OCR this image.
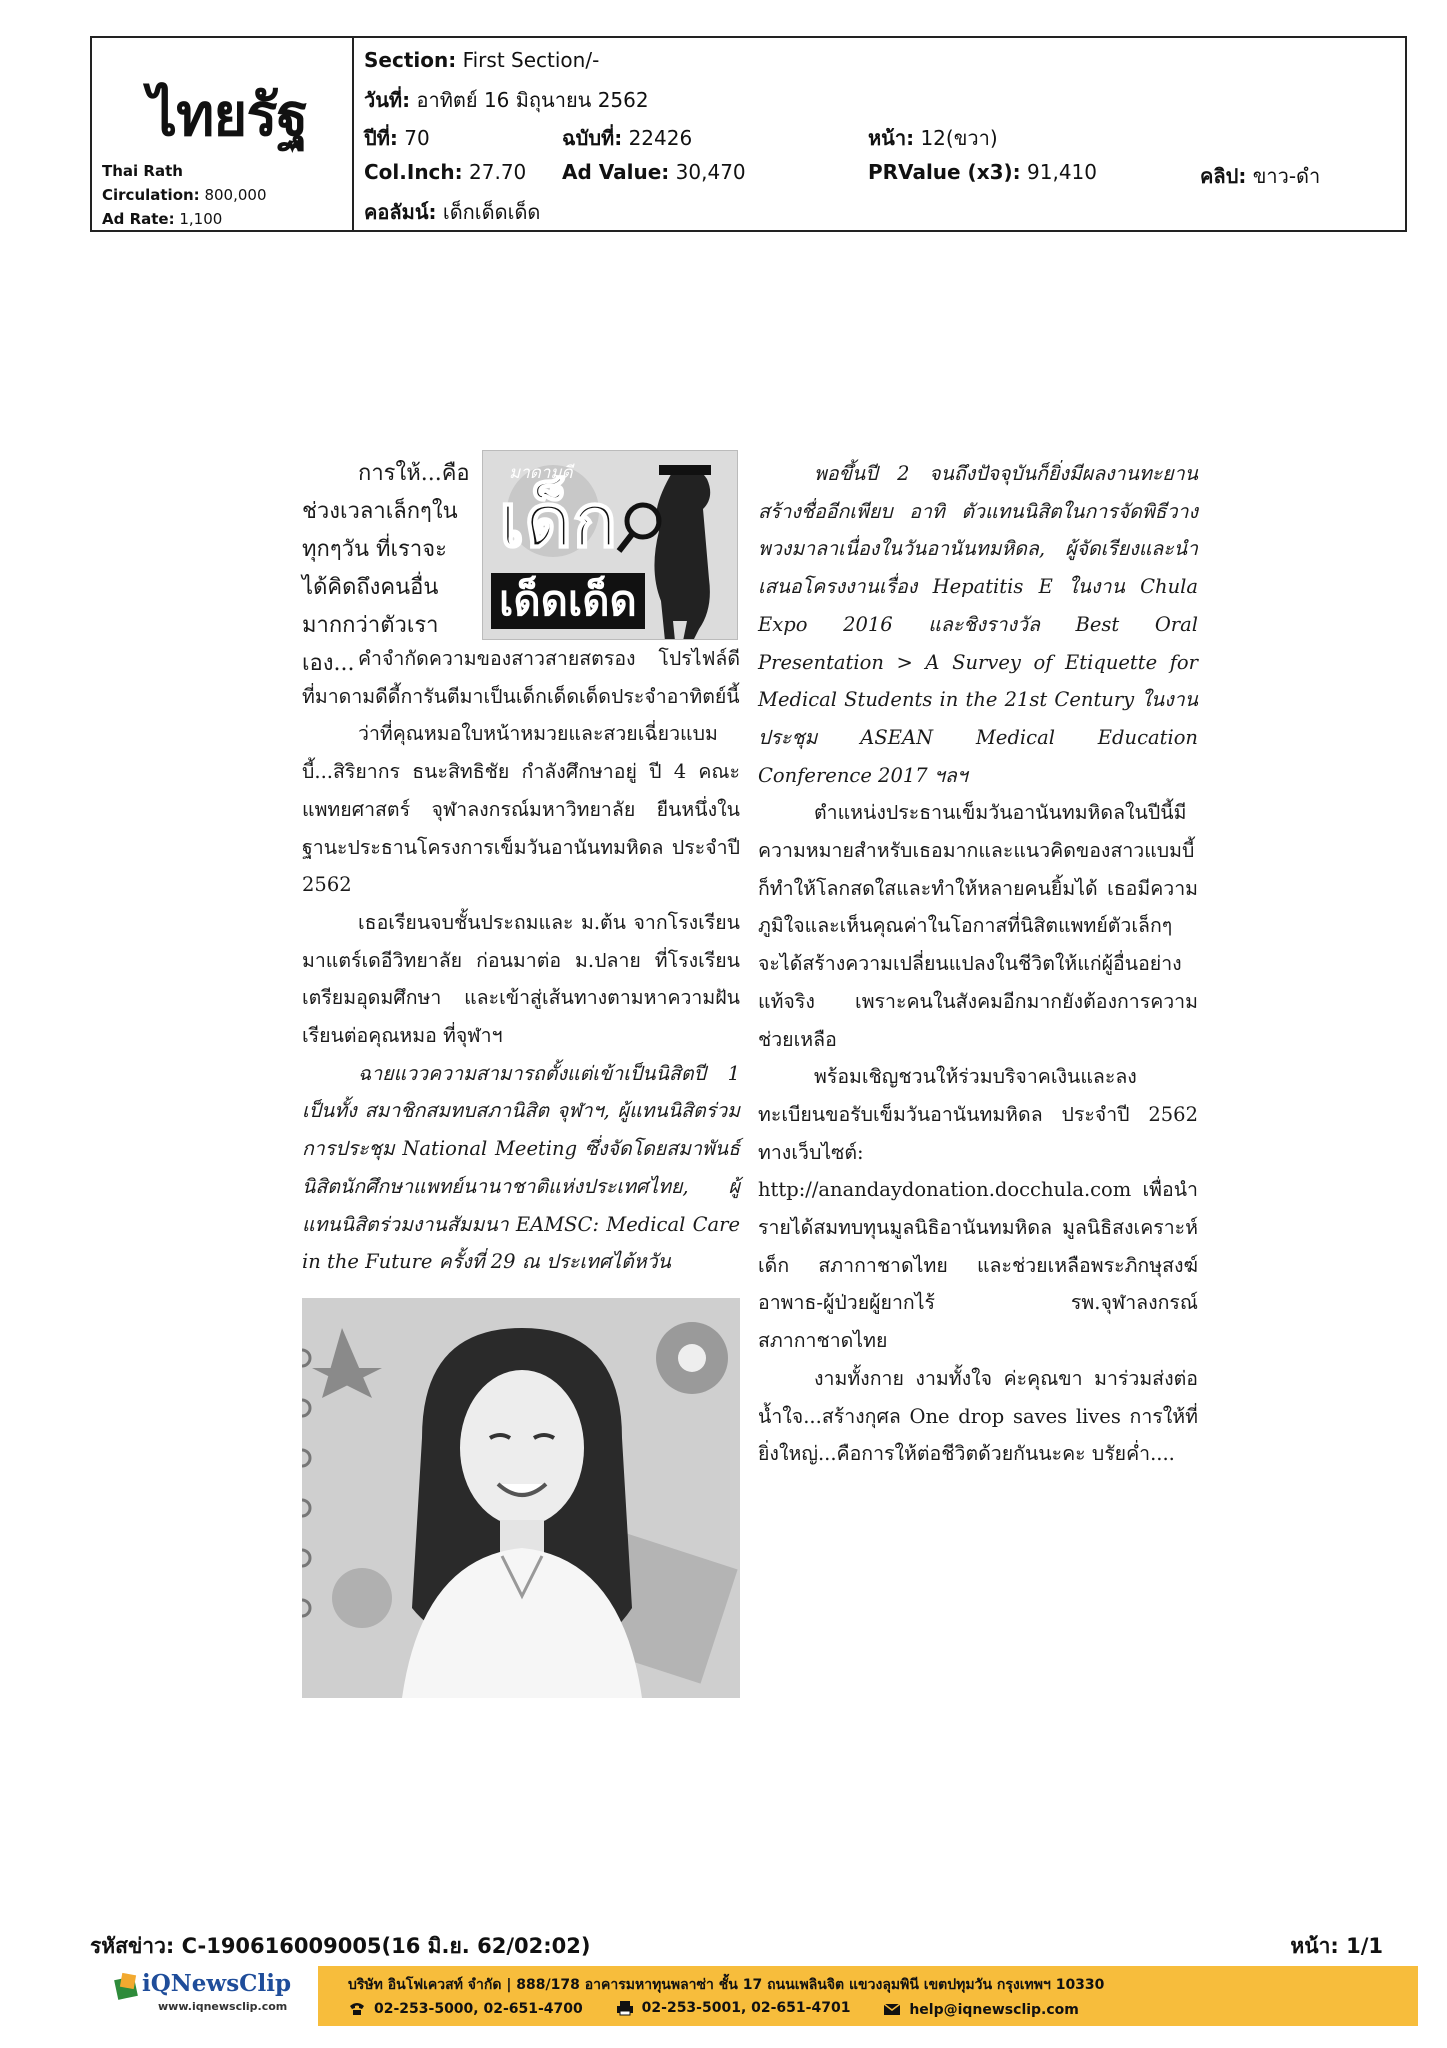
ไทยรัฐ
Thai Rath
Circulation: 800,000
Ad Rate: 1,100
Section: First Section/-
วันที่: อาทิตย์ 16 มิถุนายน 2562
ปีที่: 70	ฉบับที่: 22426	หน้า: 12(ขวา)
Col.Inch: 27.70 Ad Value: 30,470	PRValue (x3): 91,410	คลิป: ขาว-ดำ
คอลัมน์: เด็กเด็ดเด็ด

การให้...คือช่วงเวลาเล็กๆในทุกๆวัน ที่เราจะได้คิดถึงคนอื่นมากกว่าตัวเราเอง...

มาดามดี
เด็ก
เด็ดเด็ด

คำจำกัดความของสาวสายสตรอง โปรไฟล์ดีที่มาดามดีดี้การันตีมาเป็นเด็กเด็ดเด็ดประจำอาทิตย์นี้

ว่าที่คุณหมอใบหน้าหมวยและสวยเฉี่ยวแบมบี้...สิริยากร ธนะสิทธิชัย กำลังศึกษาอยู่ ปี 4 คณะแพทยศาสตร์ จุฬาลงกรณ์มหาวิทยาลัย ยืนหนึ่งในฐานะประธานโครงการเข็มวันอานันทมหิดล ประจำปี 2562

เธอเรียนจบชั้นประถมและ ม.ต้น จากโรงเรียนมาแตร์เดอีวิทยาลัย ก่อนมาต่อ ม.ปลาย ที่โรงเรียนเตรียมอุดมศึกษา และเข้าสู่เส้นทางตามหาความฝันเรียนต่อคุณหมอ ที่จุฬาฯ

ฉายแววความสามารถตั้งแต่เข้าเป็นนิสิตปี 1 เป็นทั้ง สมาชิกสมทบสภานิสิต จุฬาฯ, ผู้แทนนิสิตร่วมการประชุม National Meeting ซึ่งจัดโดยสมาพันธ์นิสิตนักศึกษาแพทย์นานาชาติแห่งประเทศไทย, ผู้แทนนิสิตร่วมงานสัมมนา EAMSC: Medical Care in the Future ครั้งที่ 29 ณ ประเทศไต้หวัน

พอขึ้นปี 2 จนถึงปัจจุบันก็ยิ่งมีผลงานทะยานสร้างชื่ออีกเพียบ อาทิ ตัวแทนนิสิตในการจัดพิธีวางพวงมาลาเนื่องในวันอานันทมหิดล, ผู้จัดเรียงและนำเสนอโครงงานเรื่อง Hepatitis E ในงาน Chula Expo 2016 และชิงรางวัล Best Oral Presentation > A Survey of Etiquette for Medical Students in the 21st Century ในงานประชุม ASEAN Medical Education Conference 2017 ฯลฯ

ตำแหน่งประธานเข็มวันอานันทมหิดลในปีนี้มีความหมายสำหรับเธอมากและแนวคิดของสาวแบมบี้ก็ทำให้โลกสดใสและทำให้หลายคนยิ้มได้ เธอมีความภูมิใจและเห็นคุณค่าในโอกาสที่นิสิตแพทย์ตัวเล็กๆ จะได้สร้างความเปลี่ยนแปลงในชีวิตให้แก่ผู้อื่นอย่างแท้จริง เพราะคนในสังคมอีกมากยังต้องการความช่วยเหลือ

พร้อมเชิญชวนให้ร่วมบริจาคเงินและลงทะเบียนขอรับเข็มวันอานันทมหิดล ประจำปี 2562 ทางเว็บไซต์: http://anandaydonation.docchula.com เพื่อนำรายได้สมทบทุนมูลนิธิอานันทมหิดล มูลนิธิสงเคราะห์เด็ก สภากาชาดไทย และช่วยเหลือพระภิกษุสงฆ์อาพาธ-ผู้ป่วยผู้ยากไร้ รพ.จุฬาลงกรณ์ สภากาชาดไทย

งามทั้งกาย งามทั้งใจ ค่ะคุณขา มาร่วมส่งต่อน้ำใจ...สร้างกุศล One drop saves lives การให้ที่ยิ่งใหญ่...คือการให้ต่อชีวิตด้วยกันนะคะ บรัยค่ำ....

รหัสข่าว: C-190616009005(16 มิ.ย. 62/02:02)	หน้า: 1/1
iQNewsClip
www.iqnewsclip.com
บริษัท อินโฟเควสท์ จำกัด | 888/178 อาคารมหาทุนพลาซ่า ชั้น 17 ถนนเพลินจิต แขวงลุมพินี เขตปทุมวัน กรุงเทพฯ 10330
02-253-5000, 02-651-4700
	02-253-5001, 02-651-4701
	help@iqnewsclip.com
